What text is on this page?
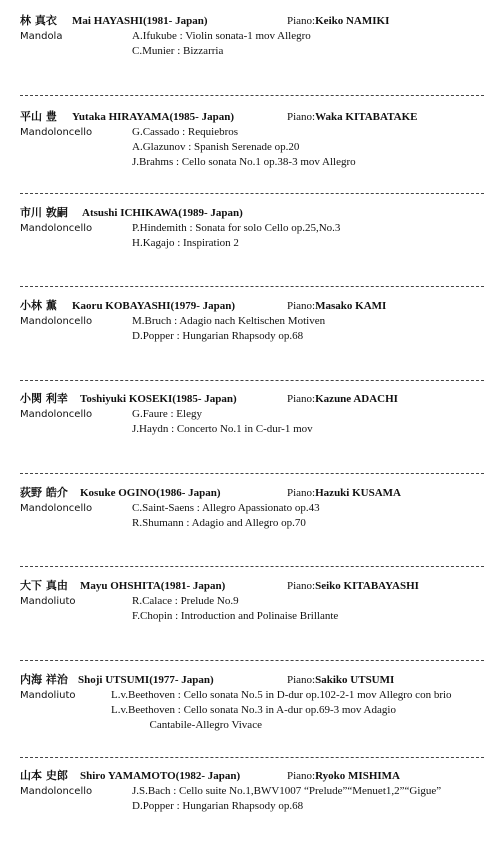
林 真衣 Mai HAYASHI(1981- Japan)	Piano:Keiko NAMIKI
Mandola	A.Ifukube : Violin sonata-1 mov Allegro
C.Munier : Bizzarria
平山 豊 Yutaka HIRAYAMA(1985- Japan)	Piano:Waka KITABATAKE
Mandoloncello	G.Cassado : Requiebros
A.Glazunov : Spanish Serenade op.20
J.Brahms : Cello sonata No.1 op.38-3 mov Allegro
市川 敦嗣 Atsushi ICHIKAWA(1989- Japan)
Mandoloncello	P.Hindemith : Sonata for solo Cello op.25,No.3
H.Kagajo : Inspiration 2
小林 薫 Kaoru KOBAYASHI(1979- Japan)	Piano:Masako KAMI
Mandoloncello	M.Bruch : Adagio nach Keltischen Motiven
D.Popper : Hungarian Rhapsody op.68
小関 利幸 Toshiyuki KOSEKI(1985- Japan)	Piano:Kazune ADACHI
Mandoloncello	G.Faure : Elegy
J.Haydn : Concerto No.1 in C-dur-1 mov
荻野 皓介 Kosuke OGINO(1986- Japan)	Piano:Hazuki KUSAMA
Mandoloncello	C.Saint-Saens : Allegro Apassionato op.43
R.Shumann : Adagio and Allegro op.70
大下 真由 Mayu OHSHITA(1981- Japan)	Piano:Seiko KITABAYASHI
Mandoliuto	R.Calace : Prelude No.9
F.Chopin : Introduction and Polinaise Brillante
内海 祥治 Shoji UTSUMI(1977- Japan)	Piano:Sakiko UTSUMI
Mandoliuto	L.v.Beethoven : Cello sonata No.5 in D-dur op.102-2-1 mov Allegro con brio
L.v.Beethoven : Cello sonata No.3 in A-dur op.69-3 mov Adagio
Cantabile-Allegro Vivace
山本 史郎 Shiro YAMAMOTO(1982- Japan)	Piano:Ryoko MISHIMA
Mandoloncello	J.S.Bach : Cello suite No.1,BWV1007 “Prelude”“Menuet1,2”“Gigue”
D.Popper : Hungarian Rhapsody op.68
